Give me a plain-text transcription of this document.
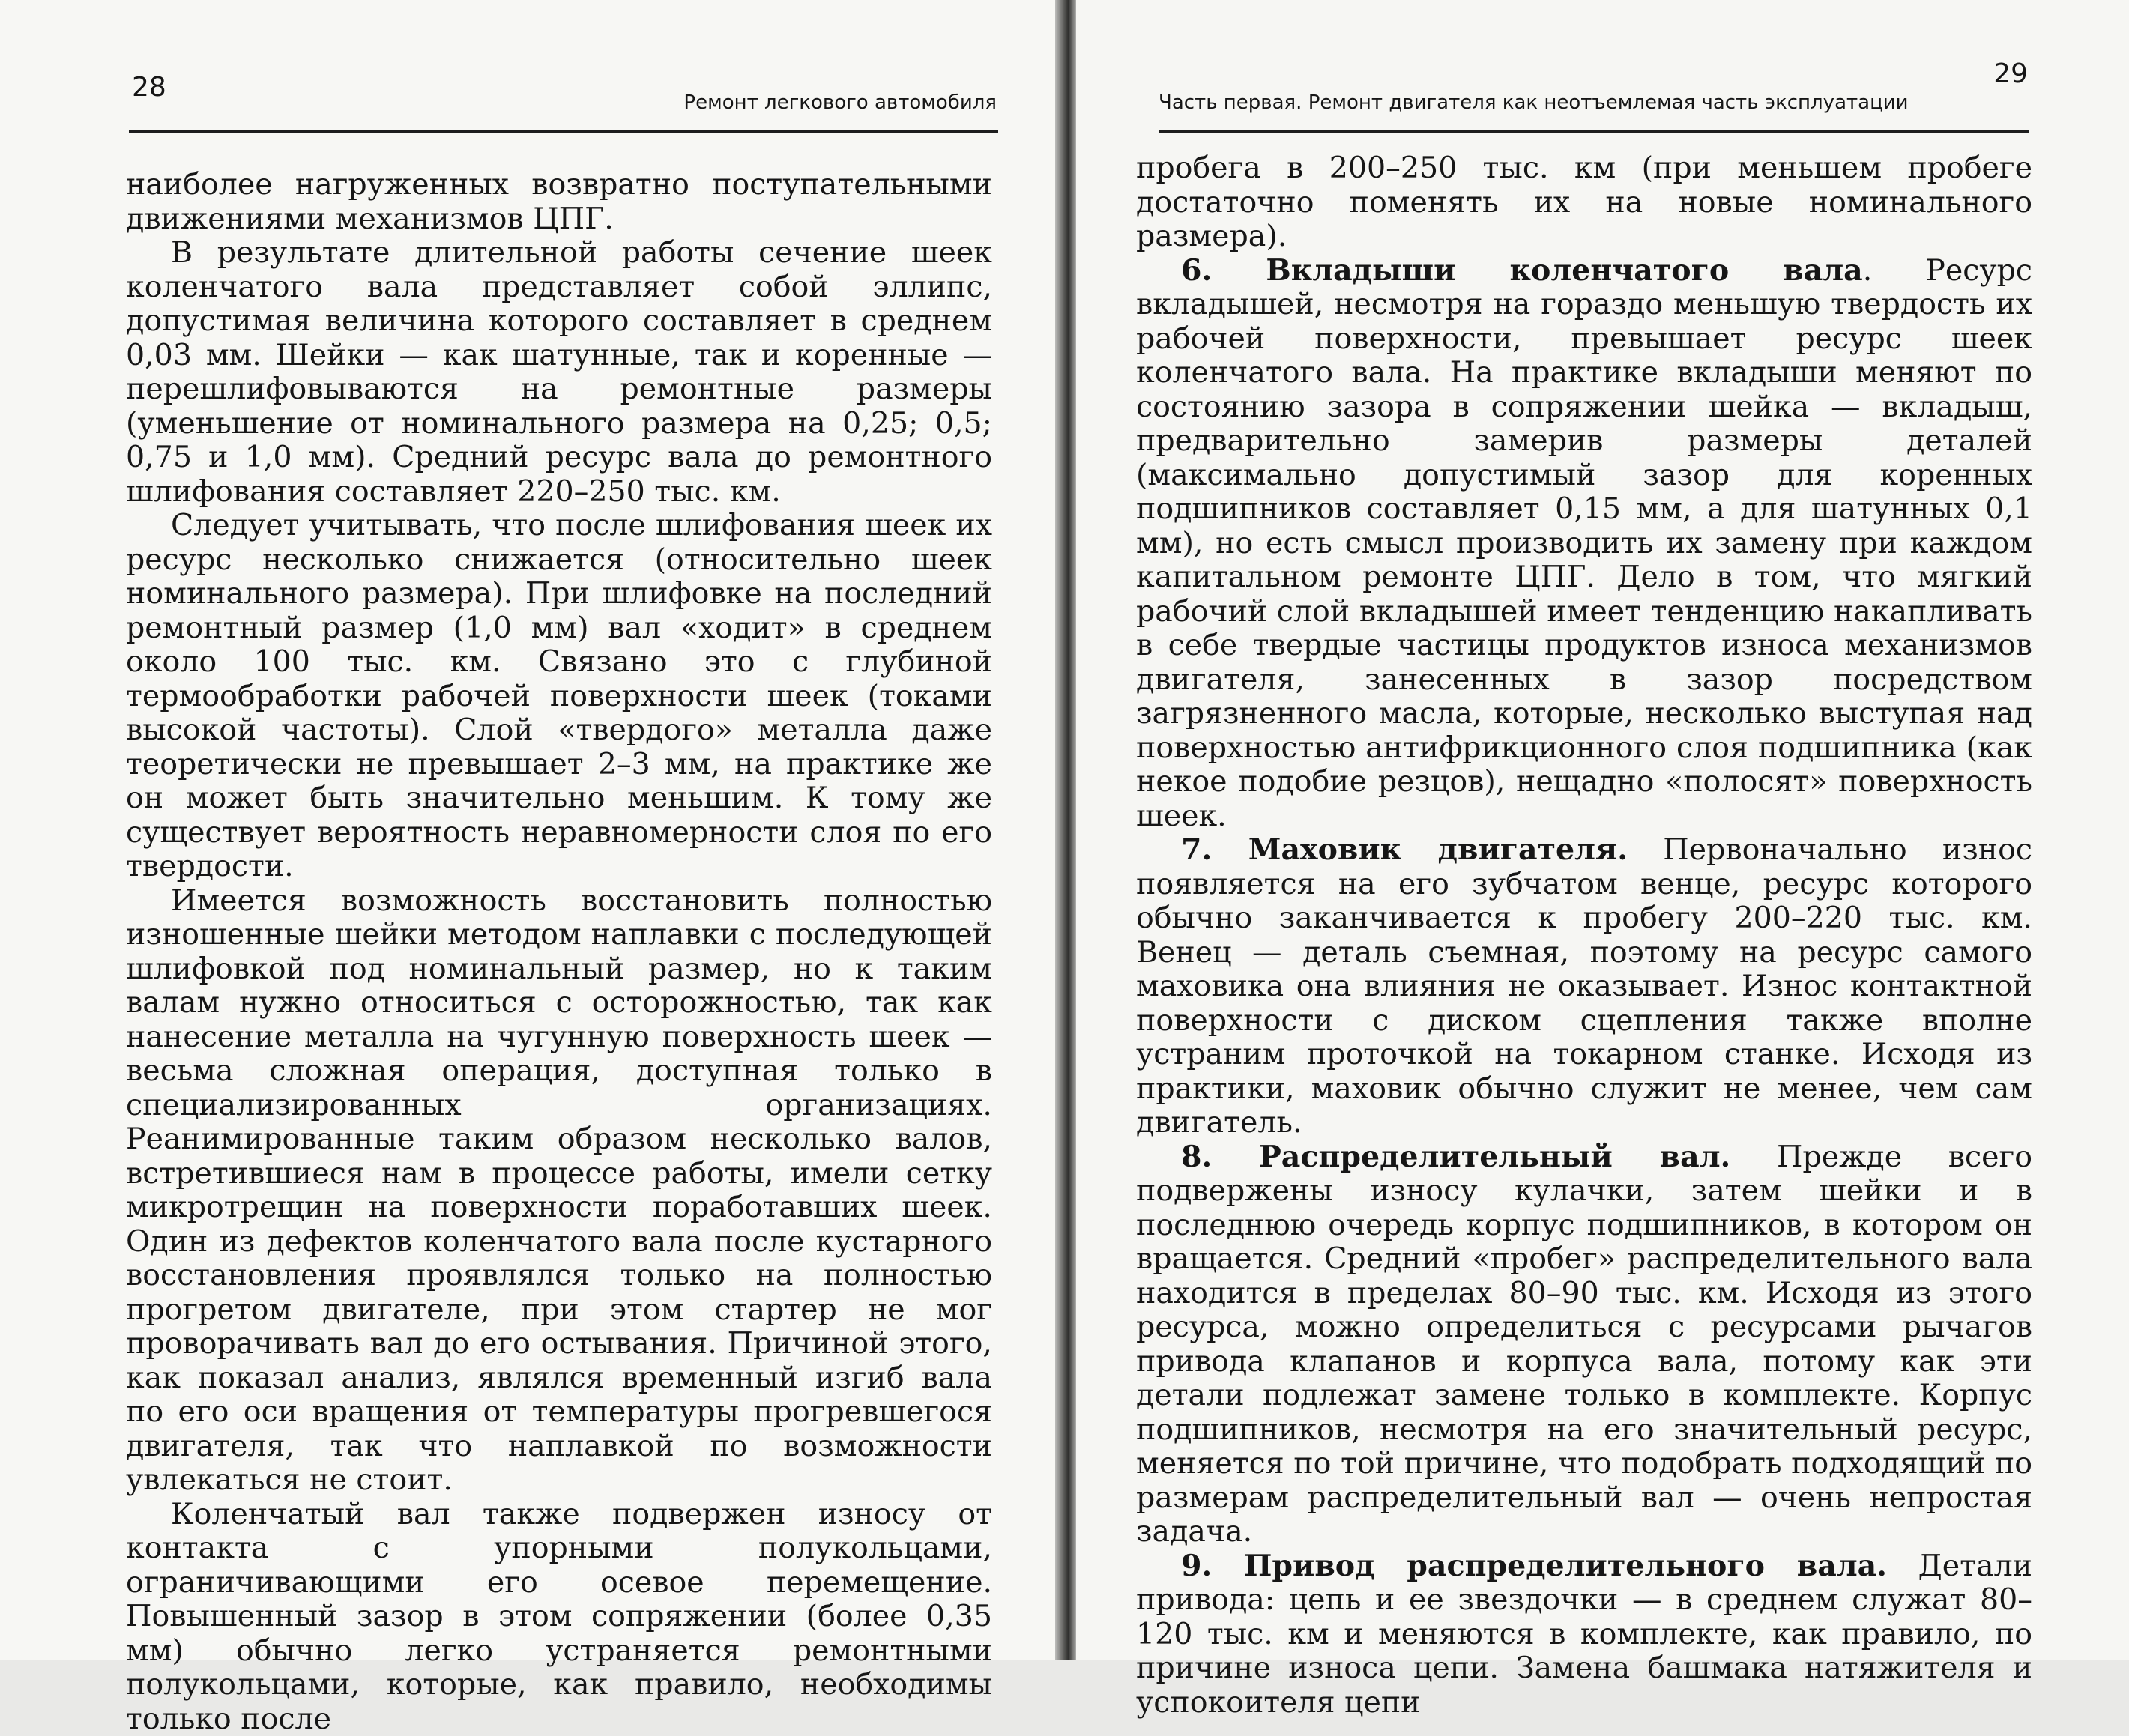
28	Ремонт легкового автомобиля

наиболее нагруженных возвратно поступательными движениями механизмов ЦПГ.

В результате длительной работы сечение шеек коленчатого вала представляет собой эллипс, допустимая величина которого составляет в среднем 0,03 мм. Шейки — как шатунные, так и коренные — перешлифовываются на ремонтные размеры (уменьшение от номинального размера на 0,25; 0,5; 0,75 и 1,0 мм). Средний ресурс вала до ремонтного шлифования составляет 220–250 тыс. км.

Следует учитывать, что после шлифования шеек их ресурс несколько снижается (относительно шеек номинального размера). При шлифовке на последний ремонтный размер (1,0 мм) вал «ходит» в среднем около 100 тыс. км. Связано это с глубиной термообработки рабочей поверхности шеек (токами высокой частоты). Слой «твердого» металла даже теоретически не превышает 2–3 мм, на практике же он может быть значительно меньшим. К тому же существует вероятность неравномерности слоя по его твердости.

Имеется возможность восстановить полностью изношенные шейки методом наплавки с последующей шлифовкой под номинальный размер, но к таким валам нужно относиться с осторожностью, так как нанесение металла на чугунную поверхность шеек — весьма сложная операция, доступная только в специализированных организациях. Реанимированные таким образом несколько валов, встретившиеся нам в процессе работы, имели сетку микротрещин на поверхности поработавших шеек. Один из дефектов коленчатого вала после кустарного восстановления проявлялся только на полностью прогретом двигателе, при этом стартер не мог проворачивать вал до его остывания. Причиной этого, как показал анализ, являлся временный изгиб вала по его оси вращения от температуры прогревшегося двигателя, так что наплавкой по возможности увлекаться не стоит.

Коленчатый вал также подвержен износу от контакта с упорными полукольцами, ограничивающими его осевое перемещение. Повышенный зазор в этом сопряжении (более 0,35 мм) обычно легко устраняется ремонтными полукольцами, которые, как правило, необходимы только после

Часть первая. Ремонт двигателя как неотъемлемая часть эксплуатации
29

пробега в 200–250 тыс. км (при меньшем пробеге достаточно поменять их на новые номинального размера).

6. Вкладыши коленчатого вала. Ресурс вкладышей, несмотря на гораздо меньшую твердость их рабочей поверхности, превышает ресурс шеек коленчатого вала. На практике вкладыши меняют по состоянию зазора в сопряжении шейка — вкладыш, предварительно замерив размеры деталей (максимально допустимый зазор для коренных подшипников составляет 0,15 мм, а для шатунных 0,1 мм), но есть смысл производить их замену при каждом капитальном ремонте ЦПГ. Дело в том, что мягкий рабочий слой вкладышей имеет тенденцию накапливать в себе твердые частицы продуктов износа механизмов двигателя, занесенных в зазор посредством загрязненного масла, которые, несколько выступая над поверхностью антифрикционного слоя подшипника (как некое подобие резцов), нещадно «полосят» поверхность шеек.

7. Маховик двигателя. Первоначально износ появляется на его зубчатом венце, ресурс которого обычно заканчивается к пробегу 200–220 тыс. км. Венец — деталь съемная, поэтому на ресурс самого маховика она влияния не оказывает. Износ контактной поверхности с диском сцепления также вполне устраним проточкой на токарном станке. Исходя из практики, маховик обычно служит не менее, чем сам двигатель.

8. Распределительный вал. Прежде всего подвержены износу кулачки, затем шейки и в последнюю очередь корпус подшипников, в котором он вращается. Средний «пробег» распределительного вала находится в пределах 80–90 тыс. км. Исходя из этого ресурса, можно определиться с ресурсами рычагов привода клапанов и корпуса вала, потому как эти детали подлежат замене только в комплекте. Корпус подшипников, несмотря на его значительный ресурс, меняется по той причине, что подобрать подходящий по размерам распределительный вал — очень непростая задача.

9. Привод распределительного вала. Детали привода: цепь и ее звездочки — в среднем служат 80–120 тыс. км и меняются в комплекте, как правило, по причине износа цепи. Замена башмака натяжителя и успокоителя цепи
